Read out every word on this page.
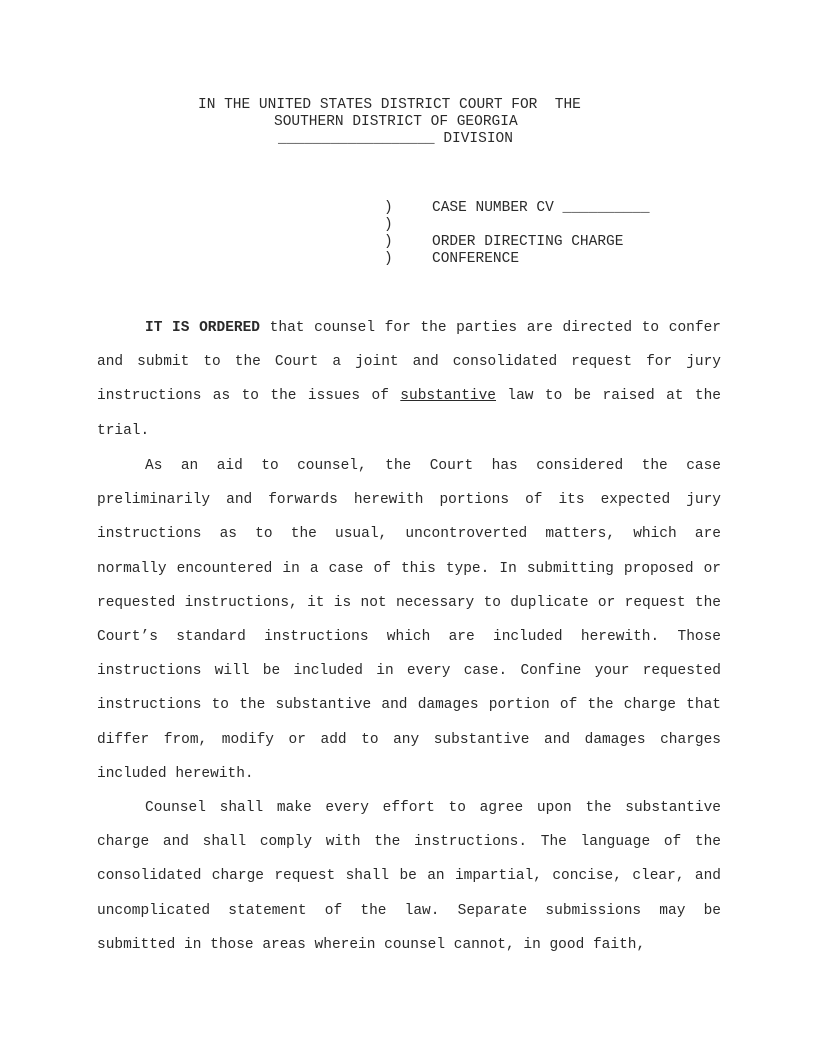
IN THE UNITED STATES DISTRICT COURT FOR  THE
SOUTHERN DISTRICT OF GEORGIA
__________________ DIVISION
)
)
)
)
CASE NUMBER CV __________

ORDER DIRECTING CHARGE
CONFERENCE

IT IS ORDERED that counsel for the parties are directed to confer and submit to the Court a joint and consolidated request for jury instructions as to the issues of substantive law to be raised at the trial.

As an aid to counsel, the Court has considered the case preliminarily and forwards herewith portions of its expected jury instructions as to the usual, uncontroverted matters, which are normally encountered in a case of this type. In submitting proposed or requested instructions, it is not necessary to duplicate or request the Court’s standard instructions which are included herewith. Those instructions will be included in every case. Confine your requested instructions to the substantive and damages portion of the charge that differ from, modify or add to any substantive and damages charges included herewith.

Counsel shall make every effort to agree upon the substantive charge and shall comply with the instructions. The language of the consolidated charge request shall be an impartial, concise, clear, and uncomplicated statement of the law. Separate submissions may be submitted in those areas wherein counsel cannot, in good faith,
